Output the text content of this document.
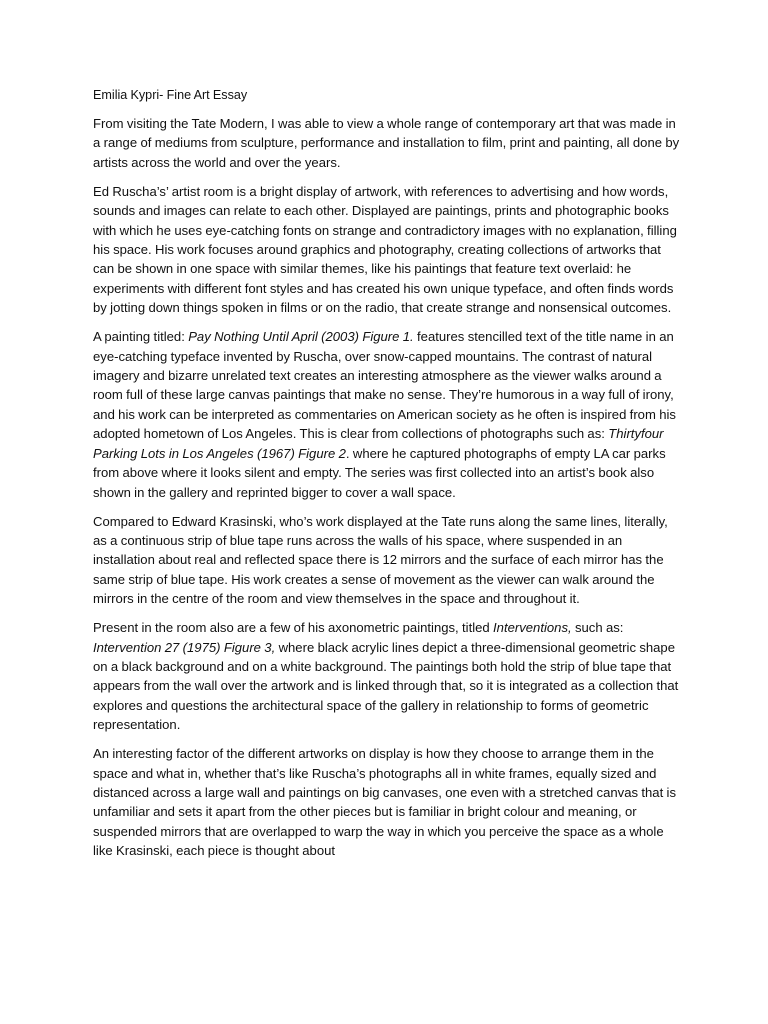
Emilia Kypri- Fine Art Essay

From visiting the Tate Modern, I was able to view a whole range of contemporary art that was made in a range of mediums from sculpture, performance and installation to film, print and painting, all done by artists across the world and over the years.

Ed Ruscha’s’ artist room is a bright display of artwork, with references to advertising and how words, sounds and images can relate to each other. Displayed are paintings, prints and photographic books with which he uses eye-catching fonts on strange and contradictory images with no explanation, filling his space. His work focuses around graphics and photography, creating collections of artworks that can be shown in one space with similar themes, like his paintings that feature text overlaid: he experiments with different font styles and has created his own unique typeface, and often finds words by jotting down things spoken in films or on the radio, that create strange and nonsensical outcomes.

A painting titled: Pay Nothing Until April (2003) Figure 1. features stencilled text of the title name in an eye-catching typeface invented by Ruscha, over snow-capped mountains. The contrast of natural imagery and bizarre unrelated text creates an interesting atmosphere as the viewer walks around a room full of these large canvas paintings that make no sense. They’re humorous in a way full of irony, and his work can be interpreted as commentaries on American society as he often is inspired from his adopted hometown of Los Angeles. This is clear from collections of photographs such as: Thirtyfour Parking Lots in Los Angeles (1967) Figure 2. where he captured photographs of empty LA car parks from above where it looks silent and empty. The series was first collected into an artist’s book also shown in the gallery and reprinted bigger to cover a wall space.

Compared to Edward Krasinski, who’s work displayed at the Tate runs along the same lines, literally, as a continuous strip of blue tape runs across the walls of his space, where suspended in an installation about real and reflected space there is 12 mirrors and the surface of each mirror has the same strip of blue tape. His work creates a sense of movement as the viewer can walk around the mirrors in the centre of the room and view themselves in the space and throughout it.

Present in the room also are a few of his axonometric paintings, titled Interventions, such as: Intervention 27 (1975) Figure 3, where black acrylic lines depict a three-dimensional geometric shape on a black background and on a white background. The paintings both hold the strip of blue tape that appears from the wall over the artwork and is linked through that, so it is integrated as a collection that explores and questions the architectural space of the gallery in relationship to forms of geometric representation.

An interesting factor of the different artworks on display is how they choose to arrange them in the space and what in, whether that’s like Ruscha’s photographs all in white frames, equally sized and distanced across a large wall and paintings on big canvases, one even with a stretched canvas that is unfamiliar and sets it apart from the other pieces but is familiar in bright colour and meaning, or suspended mirrors that are overlapped to warp the way in which you perceive the space as a whole like Krasinski, each piece is thought about
